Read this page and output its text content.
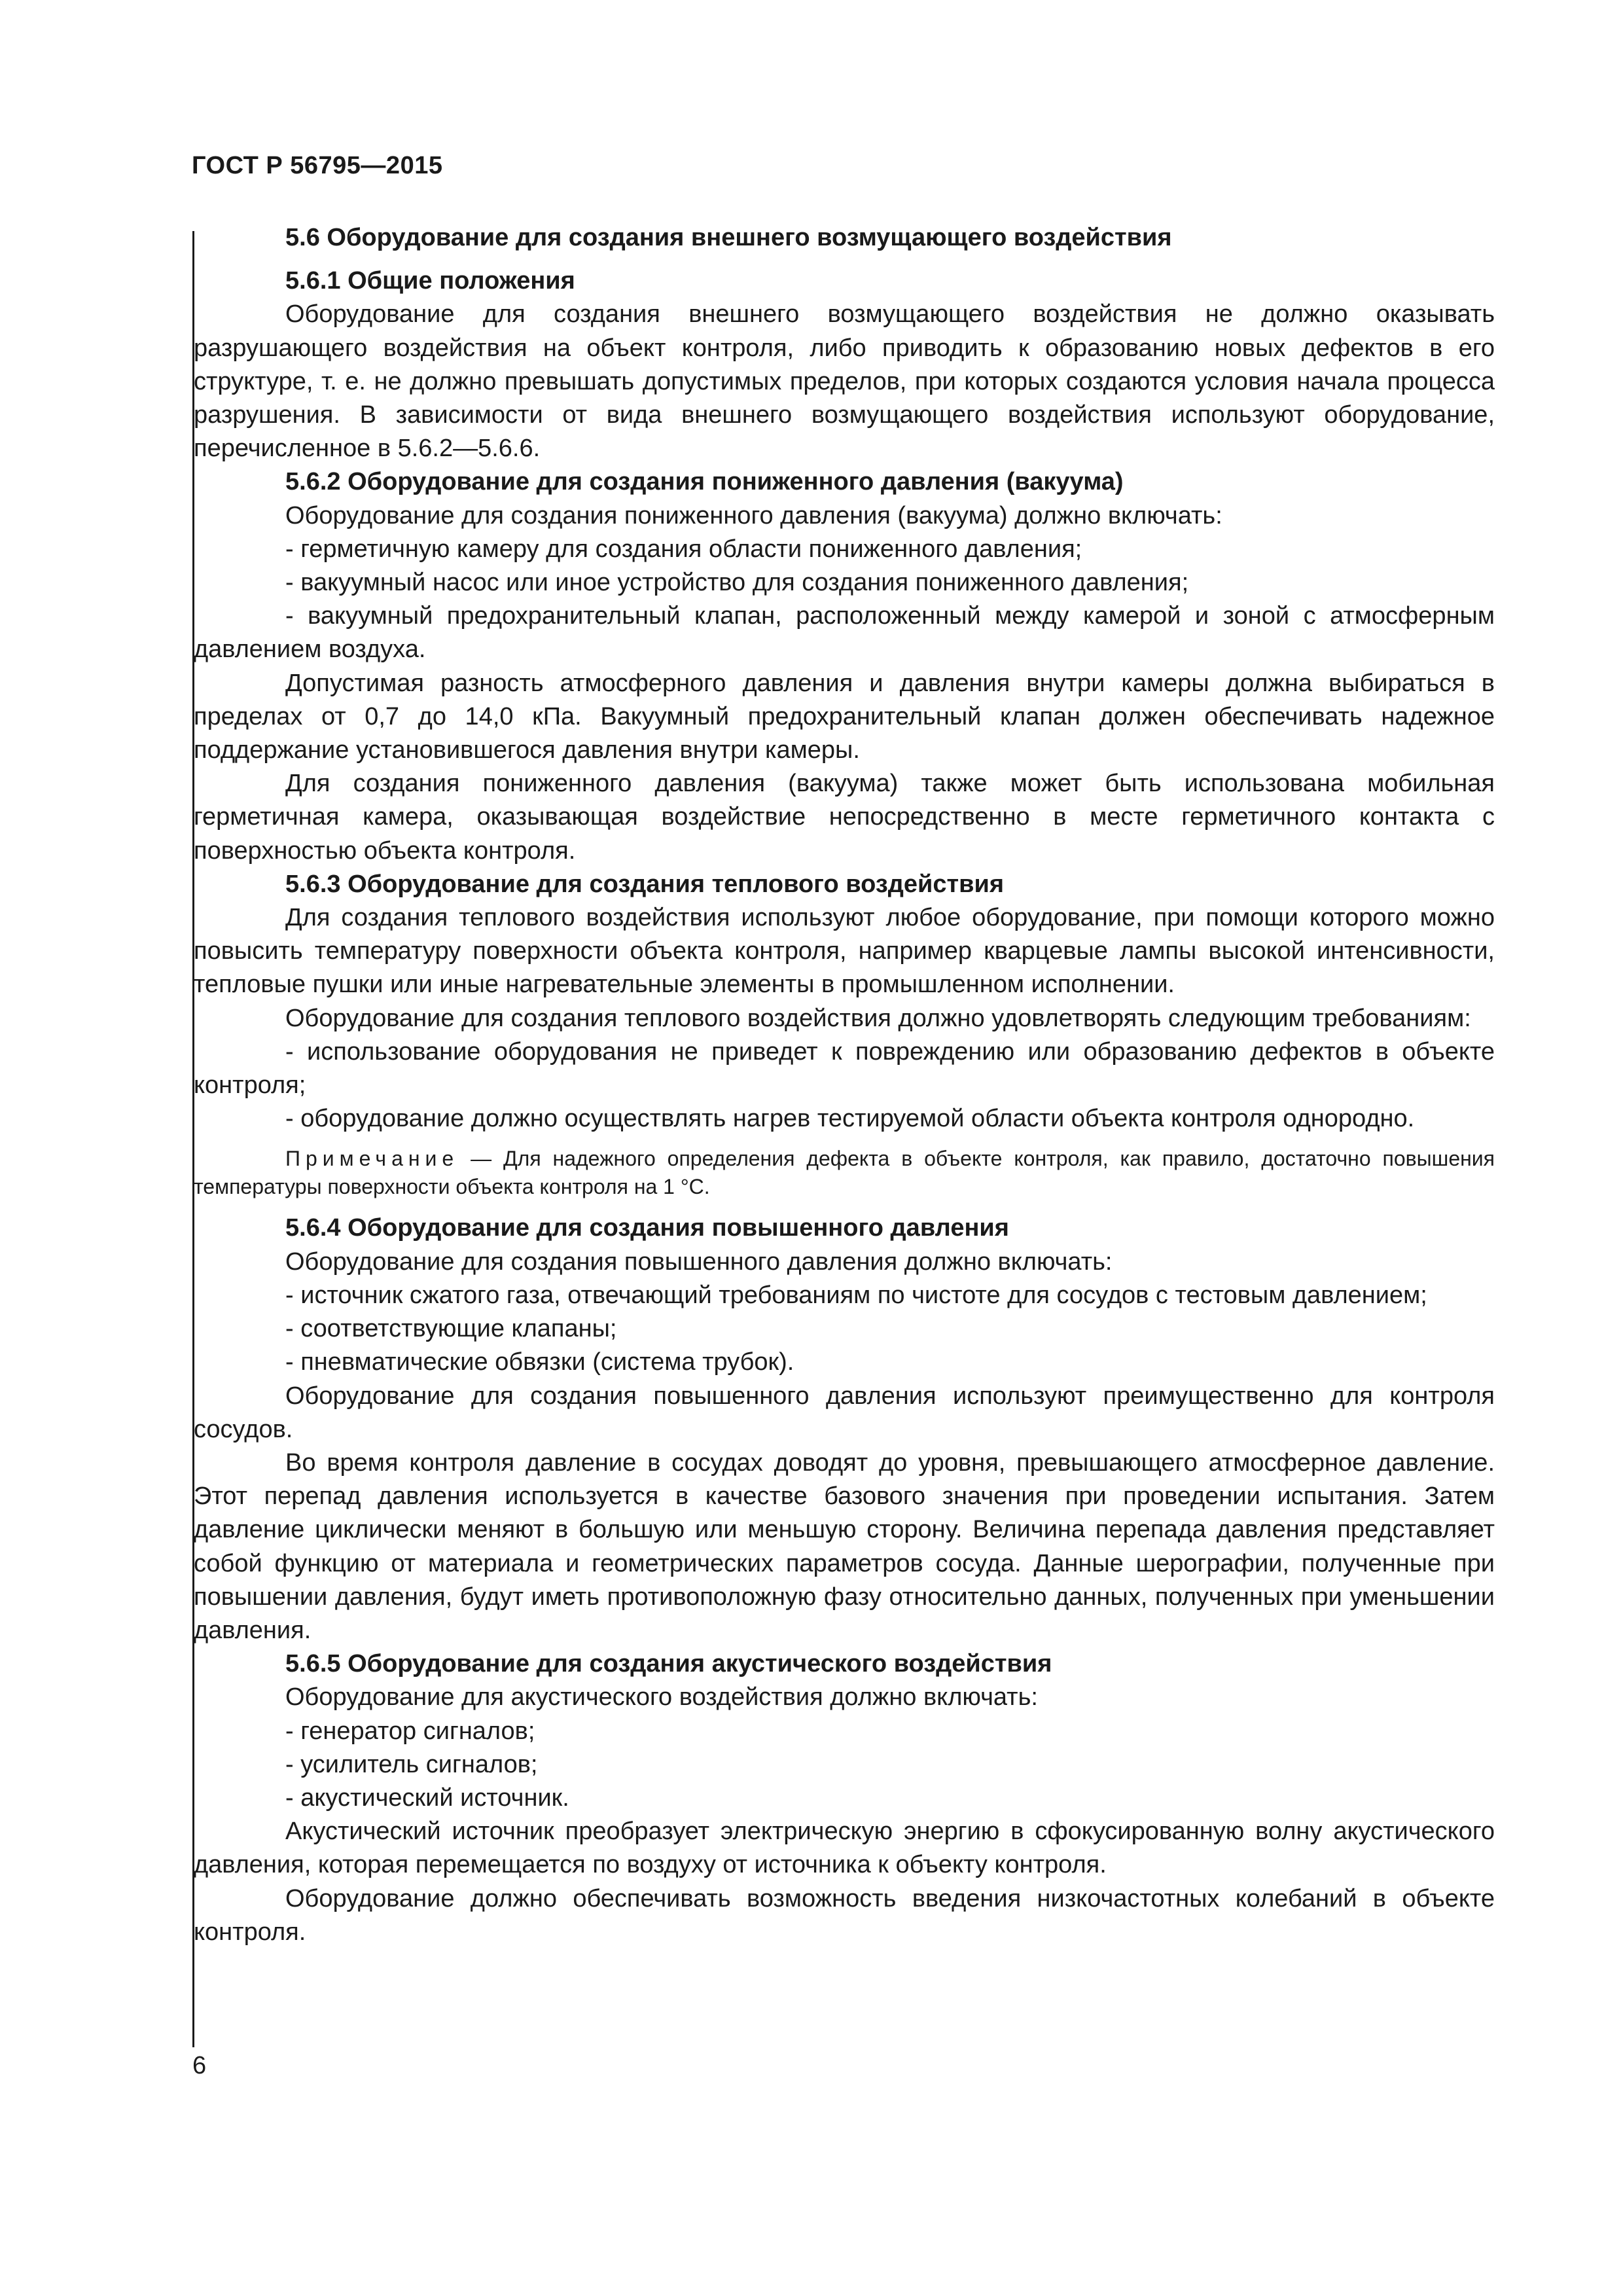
ГОСТ Р 56795—2015

5.6 Оборудование для создания внешнего возмущающего воздействия

5.6.1 Общие положения

Оборудование для создания внешнего возмущающего воздействия не должно оказывать разрушающего воздействия на объект контроля, либо приводить к образованию новых дефектов в его структуре, т. е. не должно превышать допустимых пределов, при которых создаются условия начала процесса разрушения. В зависимости от вида внешнего возмущающего воздействия используют оборудование, перечисленное в 5.6.2—5.6.6.

5.6.2 Оборудование для создания пониженного давления (вакуума)

Оборудование для создания пониженного давления (вакуума) должно включать:

- герметичную камеру для создания области пониженного давления;

- вакуумный насос или иное устройство для создания пониженного давления;

- вакуумный предохранительный клапан, расположенный между камерой и зоной с атмосферным давлением воздуха.

Допустимая разность атмосферного давления и давления внутри камеры должна выбираться в пределах от 0,7 до 14,0 кПа. Вакуумный предохранительный клапан должен обеспечивать надежное поддержание установившегося давления внутри камеры.

Для создания пониженного давления (вакуума) также может быть использована мобильная герметичная камера, оказывающая воздействие непосредственно в месте герметичного контакта с поверхностью объекта контроля.

5.6.3 Оборудование для создания теплового воздействия

Для создания теплового воздействия используют любое оборудование, при помощи которого можно повысить температуру поверхности объекта контроля, например кварцевые лампы высокой интенсивности, тепловые пушки или иные нагревательные элементы в промышленном исполнении.

Оборудование для создания теплового воздействия должно удовлетворять следующим требованиям:

- использование оборудования не приведет к повреждению или образованию дефектов в объекте контроля;

- оборудование должно осуществлять нагрев тестируемой области объекта контроля однородно.

Примечание — Для надежного определения дефекта в объекте контроля, как правило, достаточно повышения температуры поверхности объекта контроля на 1 °С.

5.6.4 Оборудование для создания повышенного давления

Оборудование для создания повышенного давления должно включать:

- источник сжатого газа, отвечающий требованиям по чистоте для сосудов с тестовым давлением;

- соответствующие клапаны;

- пневматические обвязки (система трубок).

Оборудование для создания повышенного давления используют преимущественно для контроля сосудов.

Во время контроля давление в сосудах доводят до уровня, превышающего атмосферное давление. Этот перепад давления используется в качестве базового значения при проведении испытания. Затем давление циклически меняют в большую или меньшую сторону. Величина перепада давления представляет собой функцию от материала и геометрических параметров сосуда. Данные шерографии, полученные при повышении давления, будут иметь противоположную фазу относительно данных, полученных при уменьшении давления.

5.6.5 Оборудование для создания акустического воздействия

Оборудование для акустического воздействия должно включать:

- генератор сигналов;

- усилитель сигналов;

- акустический источник.

Акустический источник преобразует электрическую энергию в сфокусированную волну акустического давления, которая перемещается по воздуху от источника к объекту контроля.

Оборудование должно обеспечивать возможность введения низкочастотных колебаний в объекте контроля.

6
